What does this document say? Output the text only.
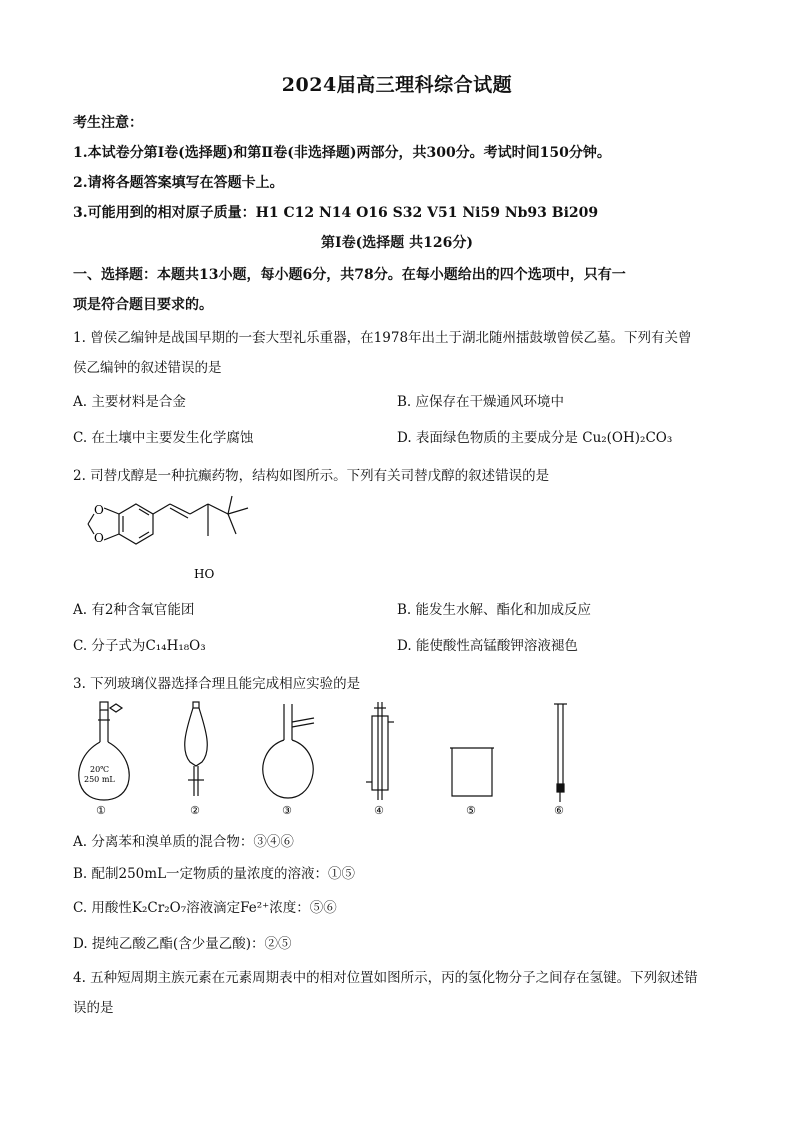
2024届高三理科综合试题
考生注意：
1.本试卷分第Ⅰ卷(选择题)和第Ⅱ卷(非选择题)两部分，共300分。考试时间150分钟。
2.请将各题答案填写在答题卡上。
3.可能用到的相对原子质量：H1 C12 N14 O16 S32 V51 Ni59 Nb93 Bi209
第Ⅰ卷(选择题 共126分)
一、选择题：本题共13小题，每小题6分，共78分。在每小题给出的四个选项中，只有一
项是符合题目要求的。
1. 曾侯乙编钟是战国早期的一套大型礼乐重器，在1978年出土于湖北随州擂鼓墩曾侯乙墓。下列有关曾
侯乙编钟的叙述错误的是
A. 主要材料是合金	B. 应保存在干燥通风环境中
C. 在土壤中主要发生化学腐蚀	D. 表面绿色物质的主要成分是 Cu₂(OH)₂CO₃
2. 司替戊醇是一种抗癫药物，结构如图所示。下列有关司替戊醇的叙述错误的是
O
O
HO
A. 有2种含氧官能团	B. 能发生水解、酯化和加成反应
C. 分子式为C₁₄H₁₈O₃	D. 能使酸性高锰酸钾溶液褪色
3. 下列玻璃仪器选择合理且能完成相应实验的是
20℃
250 mL
①	②	③	④	⑤	⑥
A. 分离苯和溴单质的混合物：③④⑥
B. 配制250mL一定物质的量浓度的溶液：①⑤
C. 用酸性K₂Cr₂O₇溶液滴定Fe²⁺浓度：⑤⑥
D. 提纯乙酸乙酯(含少量乙酸)：②⑤
4. 五种短周期主族元素在元素周期表中的相对位置如图所示，丙的氢化物分子之间存在氢键。下列叙述错
误的是
